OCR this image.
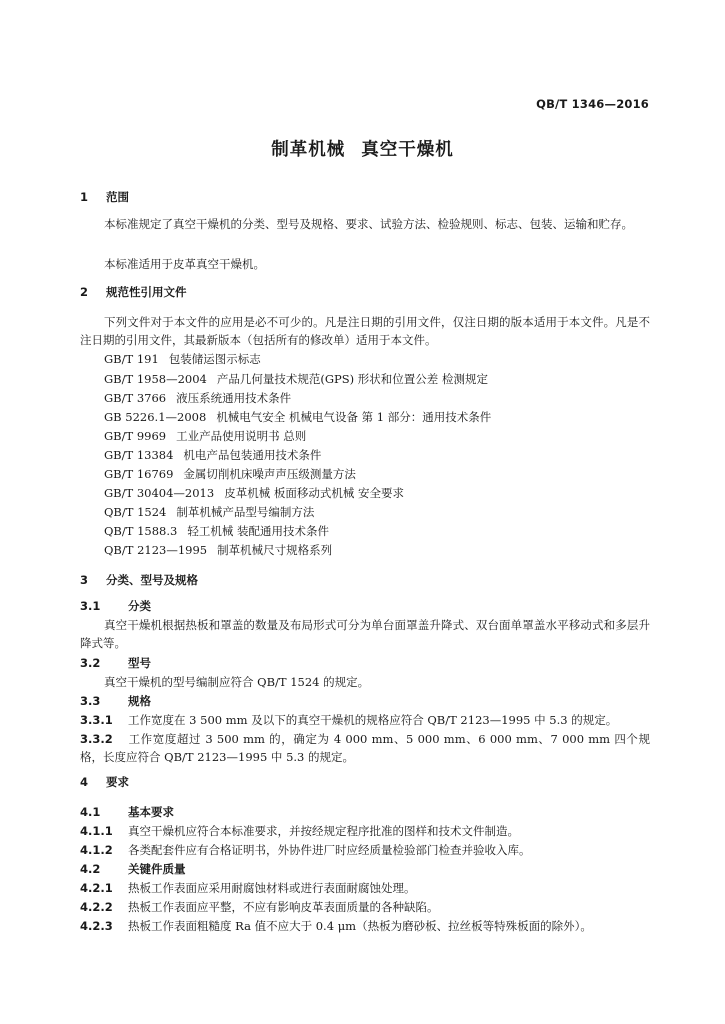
QB/T 1346—2016
制革机械 真空干燥机
1 范围
本标准规定了真空干燥机的分类、型号及规格、要求、试验方法、检验规则、标志、包装、运输和贮存。
本标准适用于皮革真空干燥机。
2 规范性引用文件
下列文件对于本文件的应用是必不可少的。凡是注日期的引用文件，仅注日期的版本适用于本文件。凡是不注日期的引用文件，其最新版本（包括所有的修改单）适用于本文件。
GB/T 191 包装储运图示标志
GB/T 1958—2004 产品几何量技术规范(GPS) 形状和位置公差 检测规定
GB/T 3766 液压系统通用技术条件
GB 5226.1—2008 机械电气安全 机械电气设备 第 1 部分：通用技术条件
GB/T 9969 工业产品使用说明书 总则
GB/T 13384 机电产品包装通用技术条件
GB/T 16769 金属切削机床噪声声压级测量方法
GB/T 30404—2013 皮革机械 板面移动式机械 安全要求
QB/T 1524 制革机械产品型号编制方法
QB/T 1588.3 轻工机械 装配通用技术条件
QB/T 2123—1995 制革机械尺寸规格系列
3 分类、型号及规格
3.1 分类
真空干燥机根据热板和罩盖的数量及布局形式可分为单台面罩盖升降式、双台面单罩盖水平移动式和多层升降式等。
3.2 型号
真空干燥机的型号编制应符合 QB/T 1524 的规定。
3.3 规格
3.3.1 工作宽度在 3 500 mm 及以下的真空干燥机的规格应符合 QB/T 2123—1995 中 5.3 的规定。
3.3.2 工作宽度超过 3 500 mm 的，确定为 4 000 mm、5 000 mm、6 000 mm、7 000 mm 四个规格，长度应符合 QB/T 2123—1995 中 5.3 的规定。
4 要求
4.1 基本要求
4.1.1 真空干燥机应符合本标准要求，并按经规定程序批准的图样和技术文件制造。
4.1.2 各类配套件应有合格证明书，外协件进厂时应经质量检验部门检查并验收入库。
4.2 关键件质量
4.2.1 热板工作表面应采用耐腐蚀材料或进行表面耐腐蚀处理。
4.2.2 热板工作表面应平整，不应有影响皮革表面质量的各种缺陷。
4.2.3 热板工作表面粗糙度 Ra 值不应大于 0.4 μm（热板为磨砂板、拉丝板等特殊板面的除外）。
